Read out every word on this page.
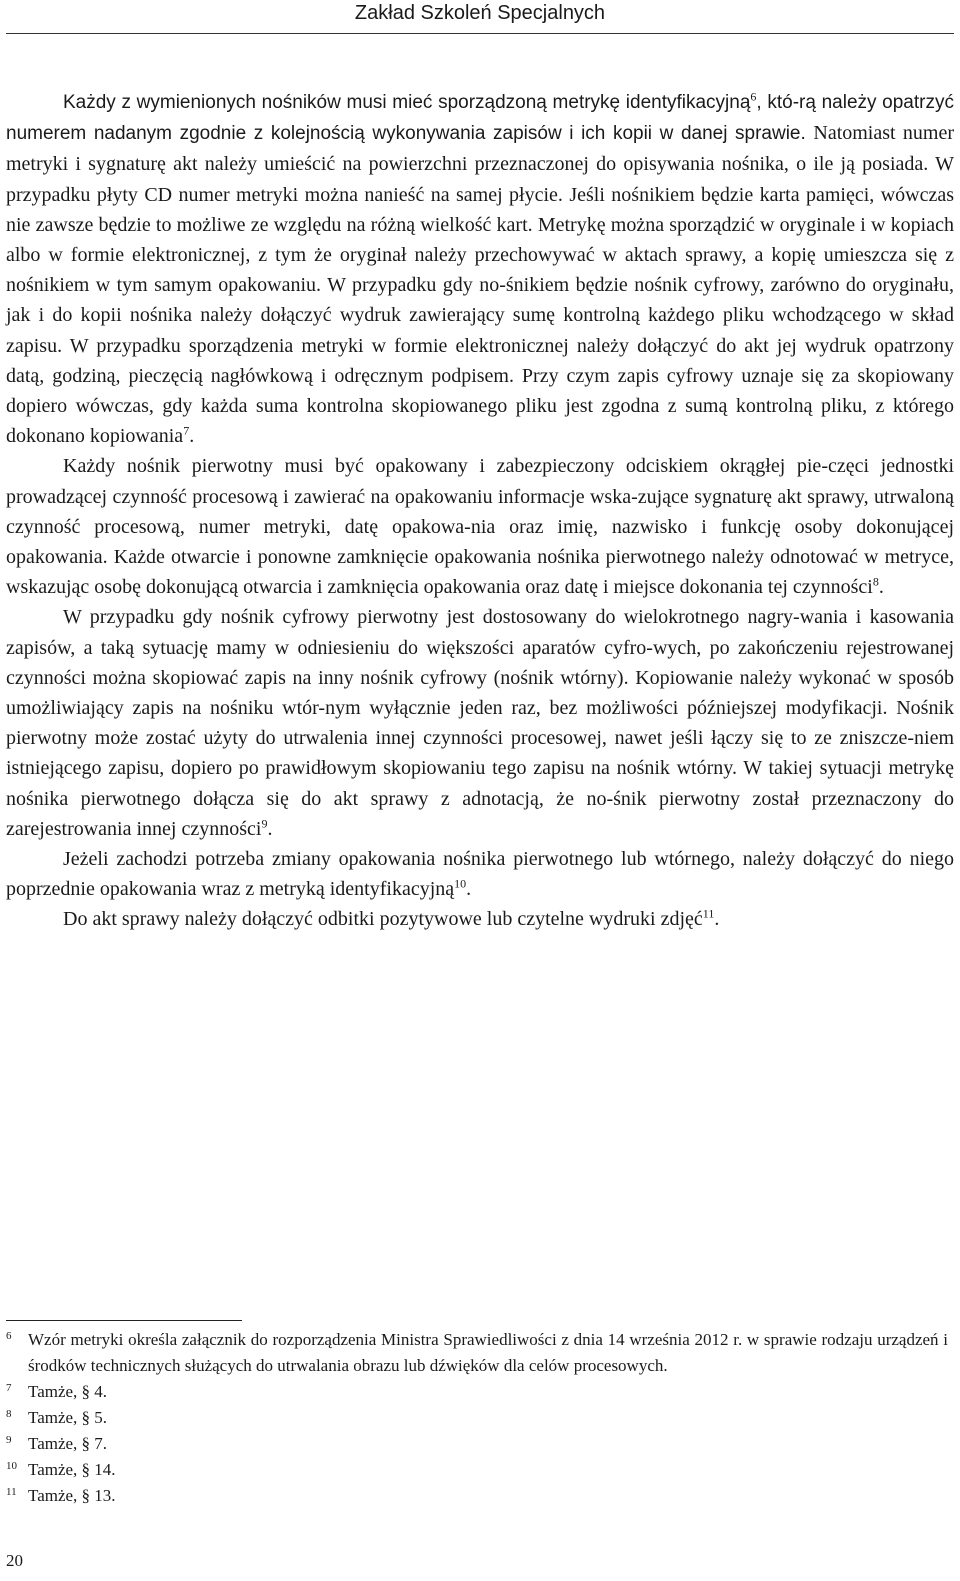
Zakład Szkoleń Specjalnych

Każdy z wymienionych nośników musi mieć sporządzoną metrykę identyfikacyjną$^6$, któ-rą należy opatrzyć numerem nadanym zgodnie z kolejnością wykonywania zapisów i ich kopii w danej sprawie. Natomiast numer metryki i sygnaturę akt należy umieścić na powierzchni przeznaczonej do opisywania nośnika, o ile ją posiada. W przypadku płyty CD numer metryki można nanieść na samej płycie. Jeśli nośnikiem będzie karta pamięci, wówczas nie zawsze będzie to możliwe ze względu na różną wielkość kart. Metrykę można sporządzić w oryginale i w kopiach albo w formie elektronicznej, z tym że oryginał należy przechowywać w aktach sprawy, a kopię umieszcza się z nośnikiem w tym samym opakowaniu. W przypadku gdy no-śnikiem będzie nośnik cyfrowy, zarówno do oryginału, jak i do kopii nośnika należy dołączyć wydruk zawierający sumę kontrolną każdego pliku wchodzącego w skład zapisu. W przypadku sporządzenia metryki w formie elektronicznej należy dołączyć do akt jej wydruk opatrzony datą, godziną, pieczęcią nagłówkową i odręcznym podpisem. Przy czym zapis cyfrowy uznaje się za skopiowany dopiero wówczas, gdy każda suma kontrolna skopiowanego pliku jest zgodna z sumą kontrolną pliku, z którego dokonano kopiowania$^7$.

Każdy nośnik pierwotny musi być opakowany i zabezpieczony odciskiem okrągłej pie-częci jednostki prowadzącej czynność procesową i zawierać na opakowaniu informacje wska-zujące sygnaturę akt sprawy, utrwaloną czynność procesową, numer metryki, datę opakowa-nia oraz imię, nazwisko i funkcję osoby dokonującej opakowania. Każde otwarcie i ponowne zamknięcie opakowania nośnika pierwotnego należy odnotować w metryce, wskazując osobę dokonującą otwarcia i zamknięcia opakowania oraz datę i miejsce dokonania tej czynności$^8$.

W przypadku gdy nośnik cyfrowy pierwotny jest dostosowany do wielokrotnego nagry-wania i kasowania zapisów, a taką sytuację mamy w odniesieniu do większości aparatów cyfro-wych, po zakończeniu rejestrowanej czynności można skopiować zapis na inny nośnik cyfrowy (nośnik wtórny). Kopiowanie należy wykonać w sposób umożliwiający zapis na nośniku wtór-nym wyłącznie jeden raz, bez możliwości późniejszej modyfikacji. Nośnik pierwotny może zostać użyty do utrwalenia innej czynności procesowej, nawet jeśli łączy się to ze zniszcze-niem istniejącego zapisu, dopiero po prawidłowym skopiowaniu tego zapisu na nośnik wtórny. W takiej sytuacji metrykę nośnika pierwotnego dołącza się do akt sprawy z adnotacją, że no-śnik pierwotny został przeznaczony do zarejestrowania innej czynności$^9$.

Jeżeli zachodzi potrzeba zmiany opakowania nośnika pierwotnego lub wtórnego, należy dołączyć do niego poprzednie opakowania wraz z metryką identyfikacyjną$^{10}$.

Do akt sprawy należy dołączyć odbitki pozytywowe lub czytelne wydruki zdjęć$^{11}$.

6 Wzór metryki określa załącznik do rozporządzenia Ministra Sprawiedliwości z dnia 14 września 2012 r. w sprawie rodzaju urządzeń i środków technicznych służących do utrwalania obrazu lub dźwięków dla celów procesowych.
7 Tamże, § 4.
8 Tamże, § 5.
9 Tamże, § 7.
10 Tamże, § 14.
11 Tamże, § 13.
20
